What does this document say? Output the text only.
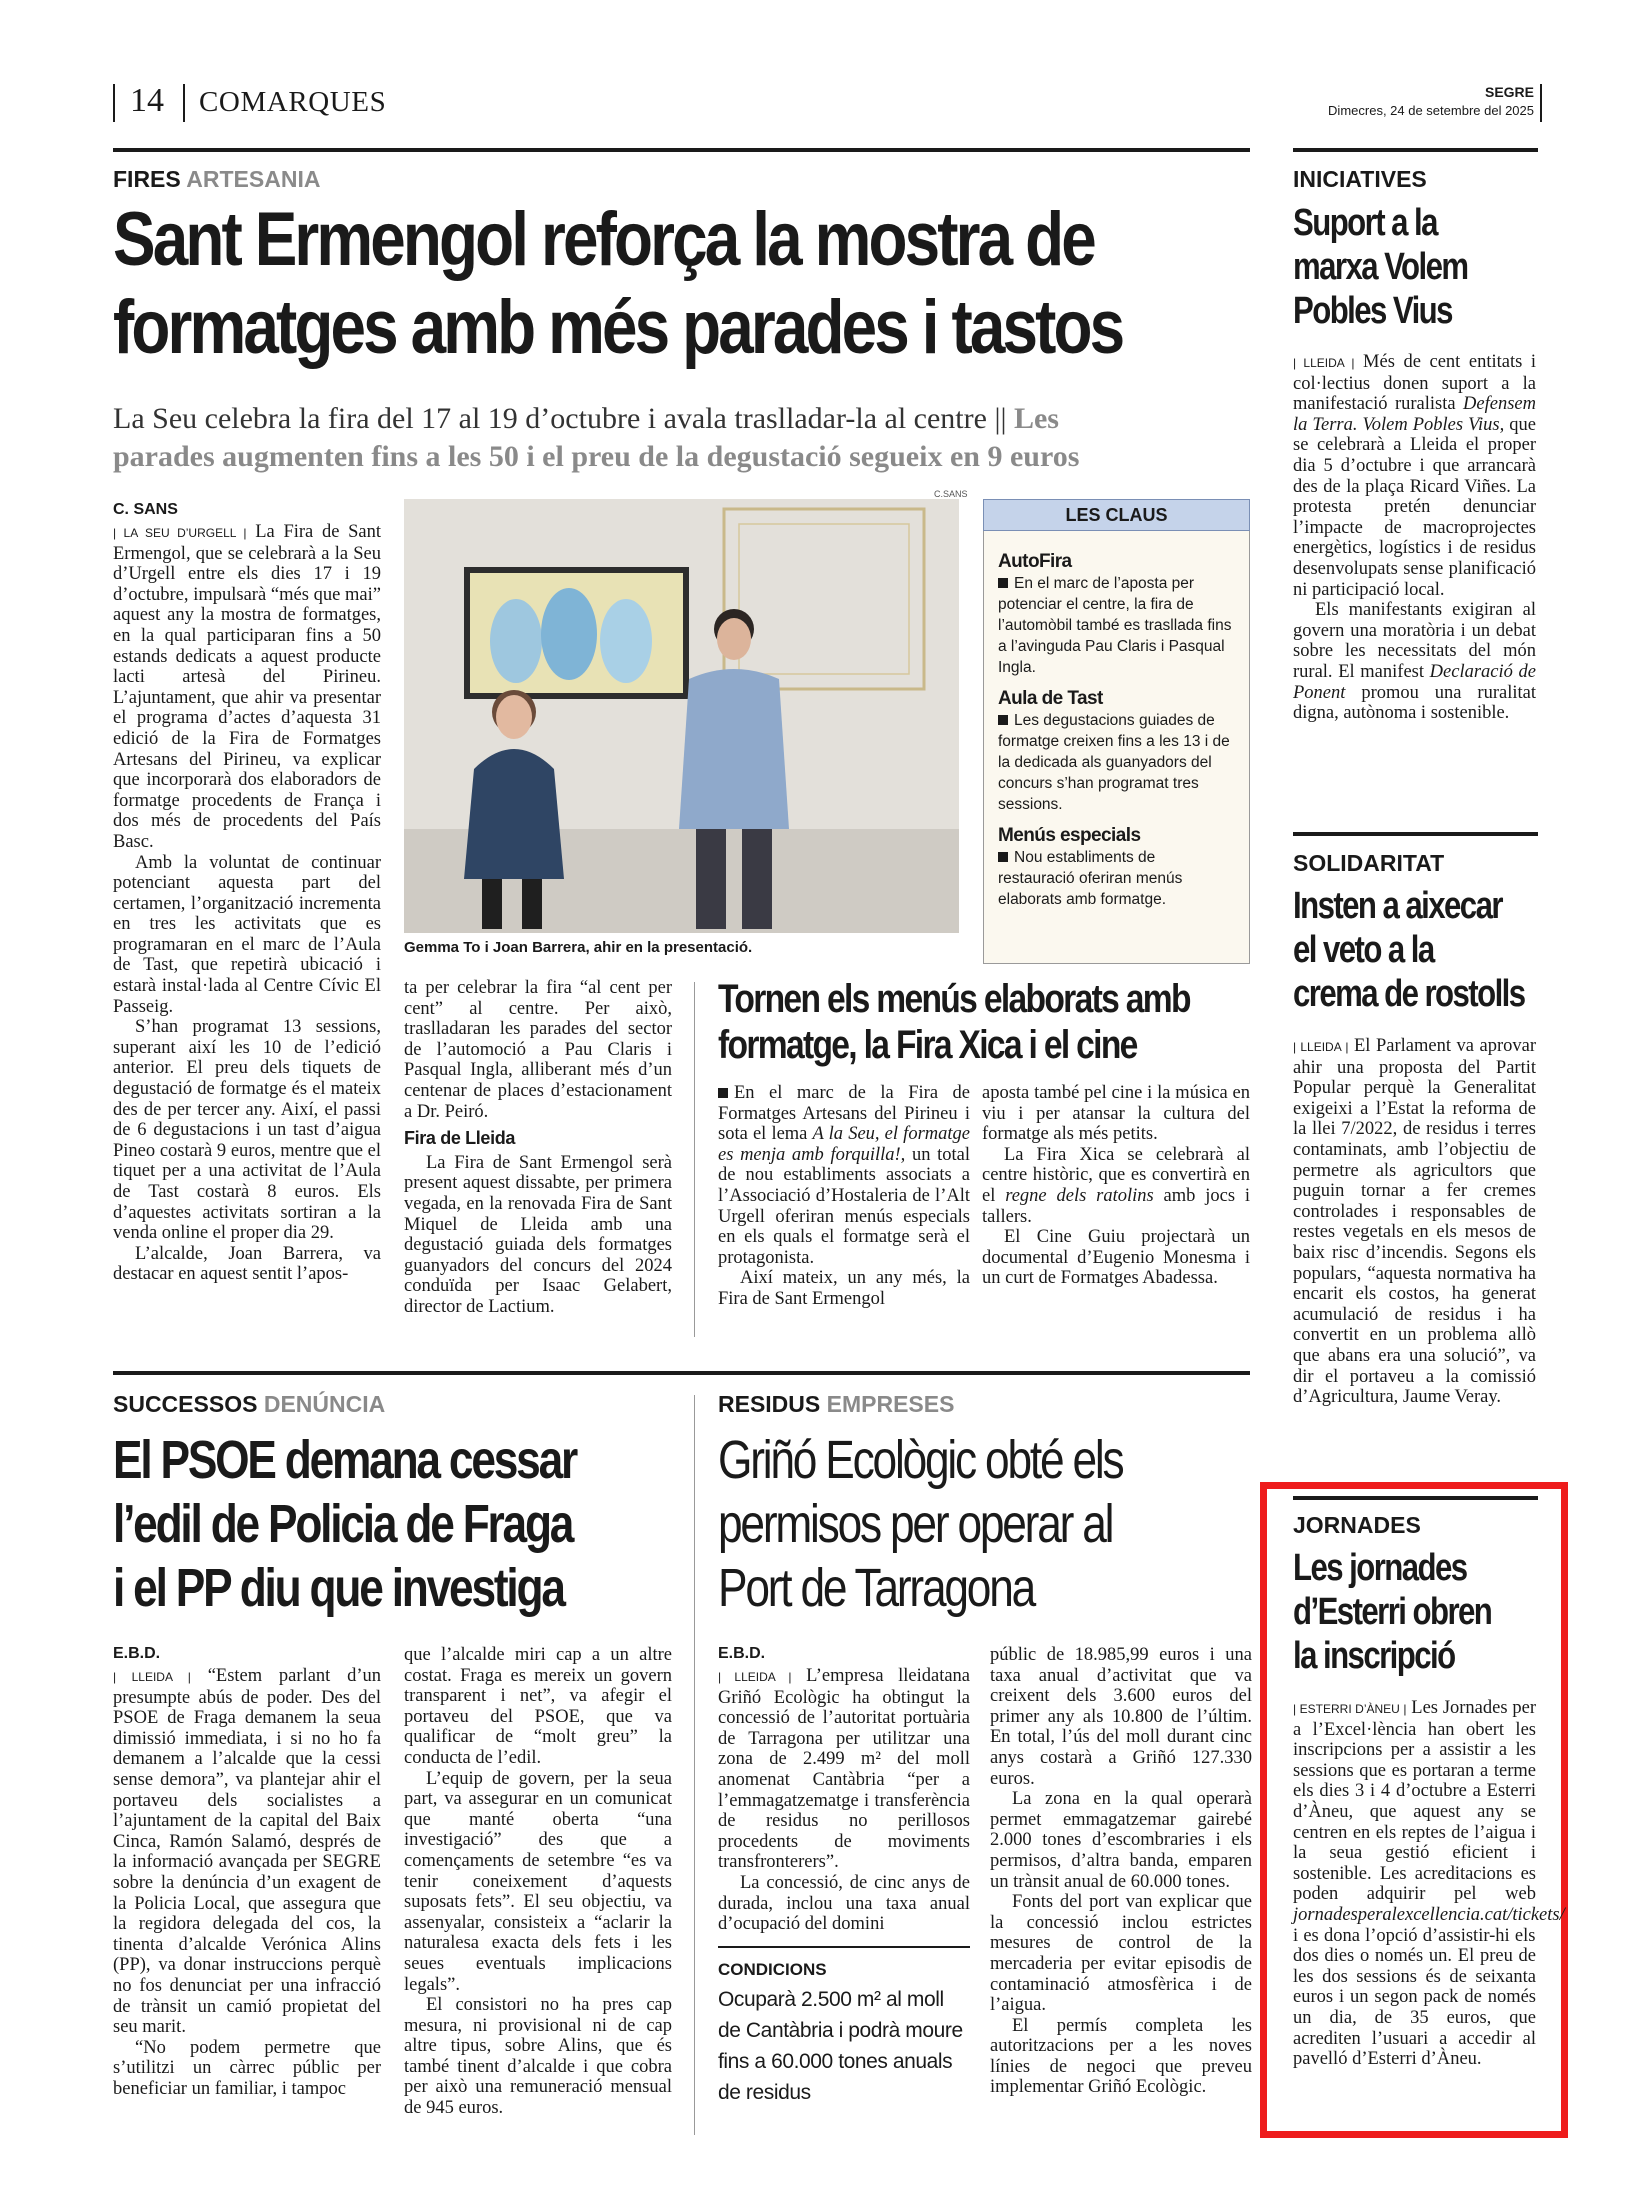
14 COMARQUES	SEGRE
Dimecres, 24 de setembre del 2025
FIRES ARTESANIA
Sant Ermengol reforça la mostra de
formatges amb més parades i tastos
La Seu celebra la fira del 17 al 19 d’octubre i avala traslladar-la al centre || Les
parades augmenten fins a les 50 i el preu de la degustació segueix en 9 euros
C. SANS

| LA SEU D’URGELL | La Fira de Sant Ermengol, que se celebrarà a la Seu d’Urgell entre els dies 17 i 19 d’octubre, impulsarà “més que mai” aquest any la mostra de formatges, en la qual participaran fins a 50 estands dedicats a aquest producte lacti artesà del Pirineu. L’ajuntament, que ahir va presentar el programa d’actes d’aquesta 31 edició de la Fira de Formatges Artesans del Pirineu, va explicar que incorporarà dos elaboradors de formatge procedents de França i dos més de procedents del País Basc.

Amb la voluntat de continuar potenciant aquesta part del certamen, l’organització incrementa en tres les activitats que es programaran en el marc de l’Aula de Tast, que repetirà ubicació i estarà instal·lada al Centre Cívic El Passeig.

S’han programat 13 sessions, superant així les 10 de l’edició anterior. El preu dels tiquets de degustació de formatge és el mateix des de per tercer any. Així, el passi de 6 degustacions i un tast d’aigua Pineo costarà 9 euros, mentre que el tiquet per a una activitat de l’Aula de Tast costarà 8 euros. Els d’aquestes activitats sortiran a la venda online el proper dia 29.

L’alcalde, Joan Barrera, va destacar en aquest sentit l’apos-

C.SANS
Gemma To i Joan Barrera, ahir en la presentació.
LES CLAUS
AutoFira
En el marc de l’aposta per potenciar el centre, la fira de l’automòbil també es trasllada fins a l’avinguda Pau Claris i Pasqual Ingla.
Aula de Tast
Les degustacions guiades de formatge creixen fins a les 13 i de la dedicada als guanyadors del concurs s’han programat tres sessions.
Menús especials
Nou establiments de restauració oferiran menús elaborats amb formatge.

ta per celebrar la fira “al cent per cent” al centre. Per això, traslladaran les parades del sector de l’automoció a Pau Claris i Pasqual Ingla, alliberant més d’un centenar de places d’estacionament a Dr. Peiró.

Fira de Lleida

La Fira de Sant Ermengol serà present aquest dissabte, per primera vegada, en la renovada Fira de Sant Miquel de Lleida amb una degustació guiada dels formatges guanyadors del concurs del 2024 conduïda per Isaac Gelabert, director de Lactium.

Tornen els menús elaborats amb
formatge, la Fira Xica i el cine

En el marc de la Fira de Formatges Artesans del Pirineu i sota el lema A la Seu, el formatge es menja amb forquilla!, un total de nou establiments associats a l’Associació d’Hostaleria de l’Alt Urgell oferiran menús especials en els quals el formatge serà el protagonista.

Així mateix, un any més, la Fira de Sant Ermengol

aposta també pel cine i la música en viu i per atansar la cultura del formatge als més petits.

La Fira Xica se celebrarà al centre històric, que es convertirà en el regne dels ratolins amb jocs i tallers.

El Cine Guiu projectarà un documental d’Eugenio Monesma i un curt de Formatges Abadessa.

SUCCESSOS DENÚNCIA
El PSOE demana cessar
l’edil de Policia de Fraga
i el PP diu que investiga
E.B.D.

| LLEIDA | “Estem parlant d’un presumpte abús de poder. Des del PSOE de Fraga demanem la seua dimissió immediata, i si no ho fa demanem a l’alcalde que la cessi sense demora”, va plantejar ahir el portaveu dels socialistes a l’ajuntament de la capital del Baix Cinca, Ramón Salamó, després de la informació avançada per SEGRE sobre la denúncia d’un exagent de la Policia Local, que assegura que la regidora delegada del cos, la tinenta d’alcalde Verónica Alins (PP), va donar instruccions perquè no fos denunciat per una infracció de trànsit un camió propietat del seu marit.

“No podem permetre que s’utilitzi un càrrec públic per beneficiar un familiar, i tampoc

que l’alcalde miri cap a un altre costat. Fraga es mereix un govern transparent i net”, va afegir el portaveu del PSOE, que va qualificar de “molt greu” la conducta de l’edil.

L’equip de govern, per la seua part, va assegurar en un comunicat que manté oberta “una investigació” des que a començaments de setembre “es va tenir coneixement d’aquests suposats fets”. El seu objectiu, va assenyalar, consisteix a “aclarir la naturalesa exacta dels fets i les seues eventuals implicacions legals”.

El consistori no ha pres cap mesura, ni provisional ni de cap altre tipus, sobre Alins, que és també tinent d’alcalde i que cobra per això una remuneració mensual de 945 euros.

RESIDUS EMPRESES
Griñó Ecològic obté els
permisos per operar al
Port de Tarragona
E.B.D.

| LLEIDA | L’empresa lleidatana Griñó Ecològic ha obtingut la concessió de l’autoritat portuària de Tarragona per utilitzar una zona de 2.499 m² del moll anomenat Cantàbria “per a l’emmagatzematge i transferència de residus no perillosos procedents de moviments transfronterers”.

La concessió, de cinc anys de durada, inclou una taxa anual d’ocupació del domini

CONDICIONS
Ocuparà 2.500 m² al moll de Cantàbria i podrà moure fins a 60.000 tones anuals de residus

públic de 18.985,99 euros i una taxa anual d’activitat que va creixent dels 3.600 euros del primer any als 10.800 de l’últim. En total, l’ús del moll durant cinc anys costarà a Griñó 127.330 euros.

La zona en la qual operarà permet emmagatzemar gairebé 2.000 tones d’escombraries i els permisos, d’altra banda, emparen un trànsit anual de 60.000 tones.

Fonts del port van explicar que la concessió inclou estrictes mesures de control de la mercaderia per evitar episodis de contaminació atmosfèrica i de l’aigua.

El permís completa les autoritzacions per a les noves línies de negoci que preveu implementar Griñó Ecològic.

INICIATIVES
Suport a la
marxa Volem
Pobles Vius

| LLEIDA | Més de cent entitats i col·lectius donen suport a la manifestació ruralista Defensem la Terra. Volem Pobles Vius, que se celebrarà a Lleida el proper dia 5 d’octubre i que arrancarà des de la plaça Ricard Viñes. La protesta pretén denunciar l’impacte de macroprojectes energètics, logístics i de residus desenvolupats sense planificació ni participació local.

Els manifestants exigiran al govern una moratòria i un debat sobre les necessitats del món rural. El manifest Declaració de Ponent promou una ruralitat digna, autònoma i sostenible.

SOLIDARITAT
Insten a aixecar
el veto a la
crema de rostolls

| LLEIDA | El Parlament va aprovar ahir una proposta del Partit Popular perquè la Generalitat exigeixi a l’Estat la reforma de la llei 7/2022, de residus i terres contaminats, amb l’objectiu de permetre als agricultors que puguin tornar a fer cremes controlades i responsables de restes vegetals en els mesos de baix risc d’incendis. Segons els populars, “aquesta normativa ha encarit els costos, ha generat acumulació de residus i ha convertit en un problema allò que abans era una solució”, va dir el portaveu a la comissió d’Agricultura, Jaume Veray.

JORNADES
Les jornades
d’Esterri obren
la inscripció

| ESTERRI D’ÀNEU | Les Jornades per a l’Excel·lència han obert les inscripcions per a assistir a les sessions que es portaran a terme els dies 3 i 4 d’octubre a Esterri d’Àneu, que aquest any se centren en els reptes de l’aigua i la seua gestió eficient i sostenible. Les acreditacions es poden adquirir pel web jornadesperalexcellencia.cat/tickets/ i es dona l’opció d’assistir-hi els dos dies o només un. El preu de les dos sessions és de seixanta euros i un segon pack de només un dia, de 35 euros, que acrediten l’usuari a accedir al pavelló d’Esterri d’Àneu.
